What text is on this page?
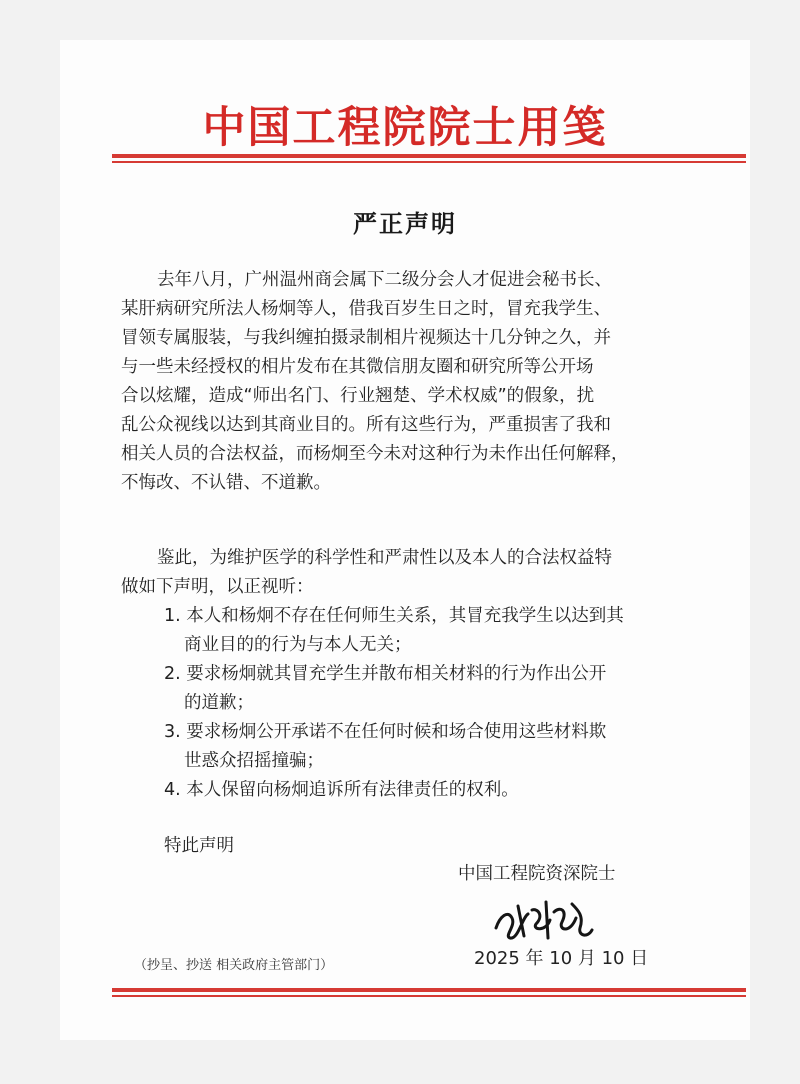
中国工程院院士用笺
严正声明
去年八月，广州温州商会属下二级分会人才促进会秘书长、
某肝病研究所法人杨炯等人，借我百岁生日之时，冒充我学生、
冒领专属服装，与我纠缠拍摄录制相片视频达十几分钟之久，并
与一些未经授权的相片发布在其微信朋友圈和研究所等公开场
合以炫耀，造成“师出名门、行业翘楚、学术权威”的假象，扰
乱公众视线以达到其商业目的。所有这些行为，严重损害了我和
相关人员的合法权益，而杨炯至今未对这种行为未作出任何解释，
不悔改、不认错、不道歉。
鉴此，为维护医学的科学性和严肃性以及本人的合法权益特
做如下声明，以正视听：
1. 本人和杨炯不存在任何师生关系，其冒充我学生以达到其
商业目的的行为与本人无关；
2. 要求杨炯就其冒充学生并散布相关材料的行为作出公开
的道歉；
3. 要求杨炯公开承诺不在任何时候和场合使用这些材料欺
世惑众招摇撞骗；
4. 本人保留向杨炯追诉所有法律责任的权利。
特此声明
中国工程院资深院士
2025 年 10 月 10 日
（抄呈、抄送 相关政府主管部门）
